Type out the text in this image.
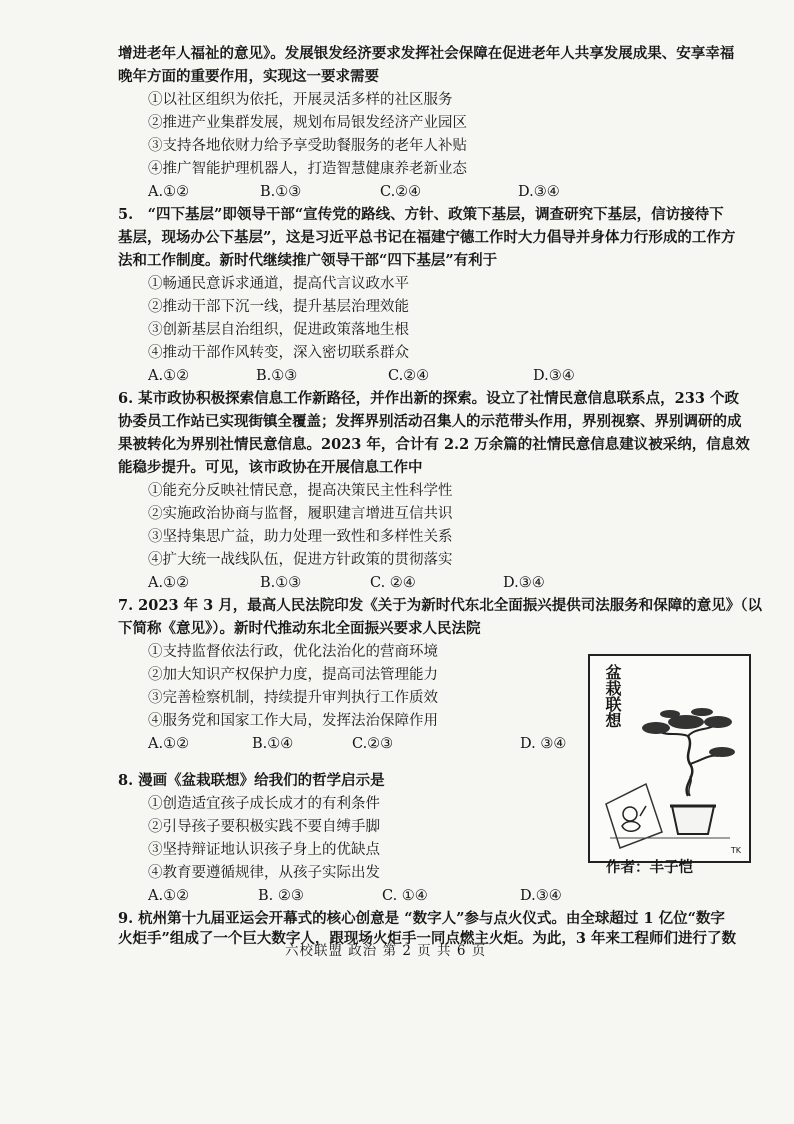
增进老年人福祉的意见》。发展银发经济要求发挥社会保障在促进老年人共享发展成果、安享幸福
晚年方面的重要作用，实现这一要求需要
①以社区组织为依托，开展灵活多样的社区服务
②推进产业集群发展，规划布局银发经济产业园区
③支持各地依财力给予享受助餐服务的老年人补贴
④推广智能护理机器人，打造智慧健康养老新业态
A.①②	B.①③	C.②④	D.③④
5.　“四下基层”即领导干部“宣传党的路线、方针、政策下基层，调查研究下基层，信访接待下
基层，现场办公下基层”，这是习近平总书记在福建宁德工作时大力倡导并身体力行形成的工作方
法和工作制度。新时代继续推广领导干部“四下基层”有利于
①畅通民意诉求通道，提高代言议政水平
②推动干部下沉一线，提升基层治理效能
③创新基层自治组织，促进政策落地生根
④推动干部作风转变，深入密切联系群众
A.①②	B.①③	C.②④	D.③④
6. 某市政协积极探索信息工作新路径，并作出新的探索。设立了社情民意信息联系点，233 个政
协委员工作站已实现街镇全覆盖；发挥界别活动召集人的示范带头作用，界别视察、界别调研的成
果被转化为界别社情民意信息。2023 年，合计有 2.2 万余篇的社情民意信息建议被采纳，信息效
能稳步提升。可见，该市政协在开展信息工作中
①能充分反映社情民意，提高决策民主性科学性
②实施政治协商与监督，履职建言增进互信共识
③坚持集思广益，助力处理一致性和多样性关系
④扩大统一战线队伍，促进方针政策的贯彻落实
A.①②	B.①③	C. ②④	D.③④
7. 2023 年 3 月，最高人民法院印发《关于为新时代东北全面振兴提供司法服务和保障的意见》（以
下简称《意见》）。新时代推动东北全面振兴要求人民法院
①支持监督依法行政，优化法治化的营商环境
②加大知识产权保护力度，提高司法管理能力
③完善检察机制，持续提升审判执行工作质效
④服务党和国家工作大局，发挥法治保障作用
A.①②	B.①④	C.②③	D. ③④
8. 漫画《盆栽联想》给我们的哲学启示是
①创造适宜孩子成长成才的有利条件
②引导孩子要积极实践不要自缚手脚
③坚持辩证地认识孩子身上的优缺点
④教育要遵循规律，从孩子实际出发
A.①②	B. ②③	C. ①④	D.③④
9. 杭州第十九届亚运会开幕式的核心创意是 “数字人”参与点火仪式。由全球超过 1 亿位“数字
火炬手”组成了一个巨大数字人，跟现场火炬手一同点燃主火炬。为此，3 年来工程师们进行了数
盆栽联想
TK
作者：丰子恺
六校联盟 政治 第 2 页 共 6 页
